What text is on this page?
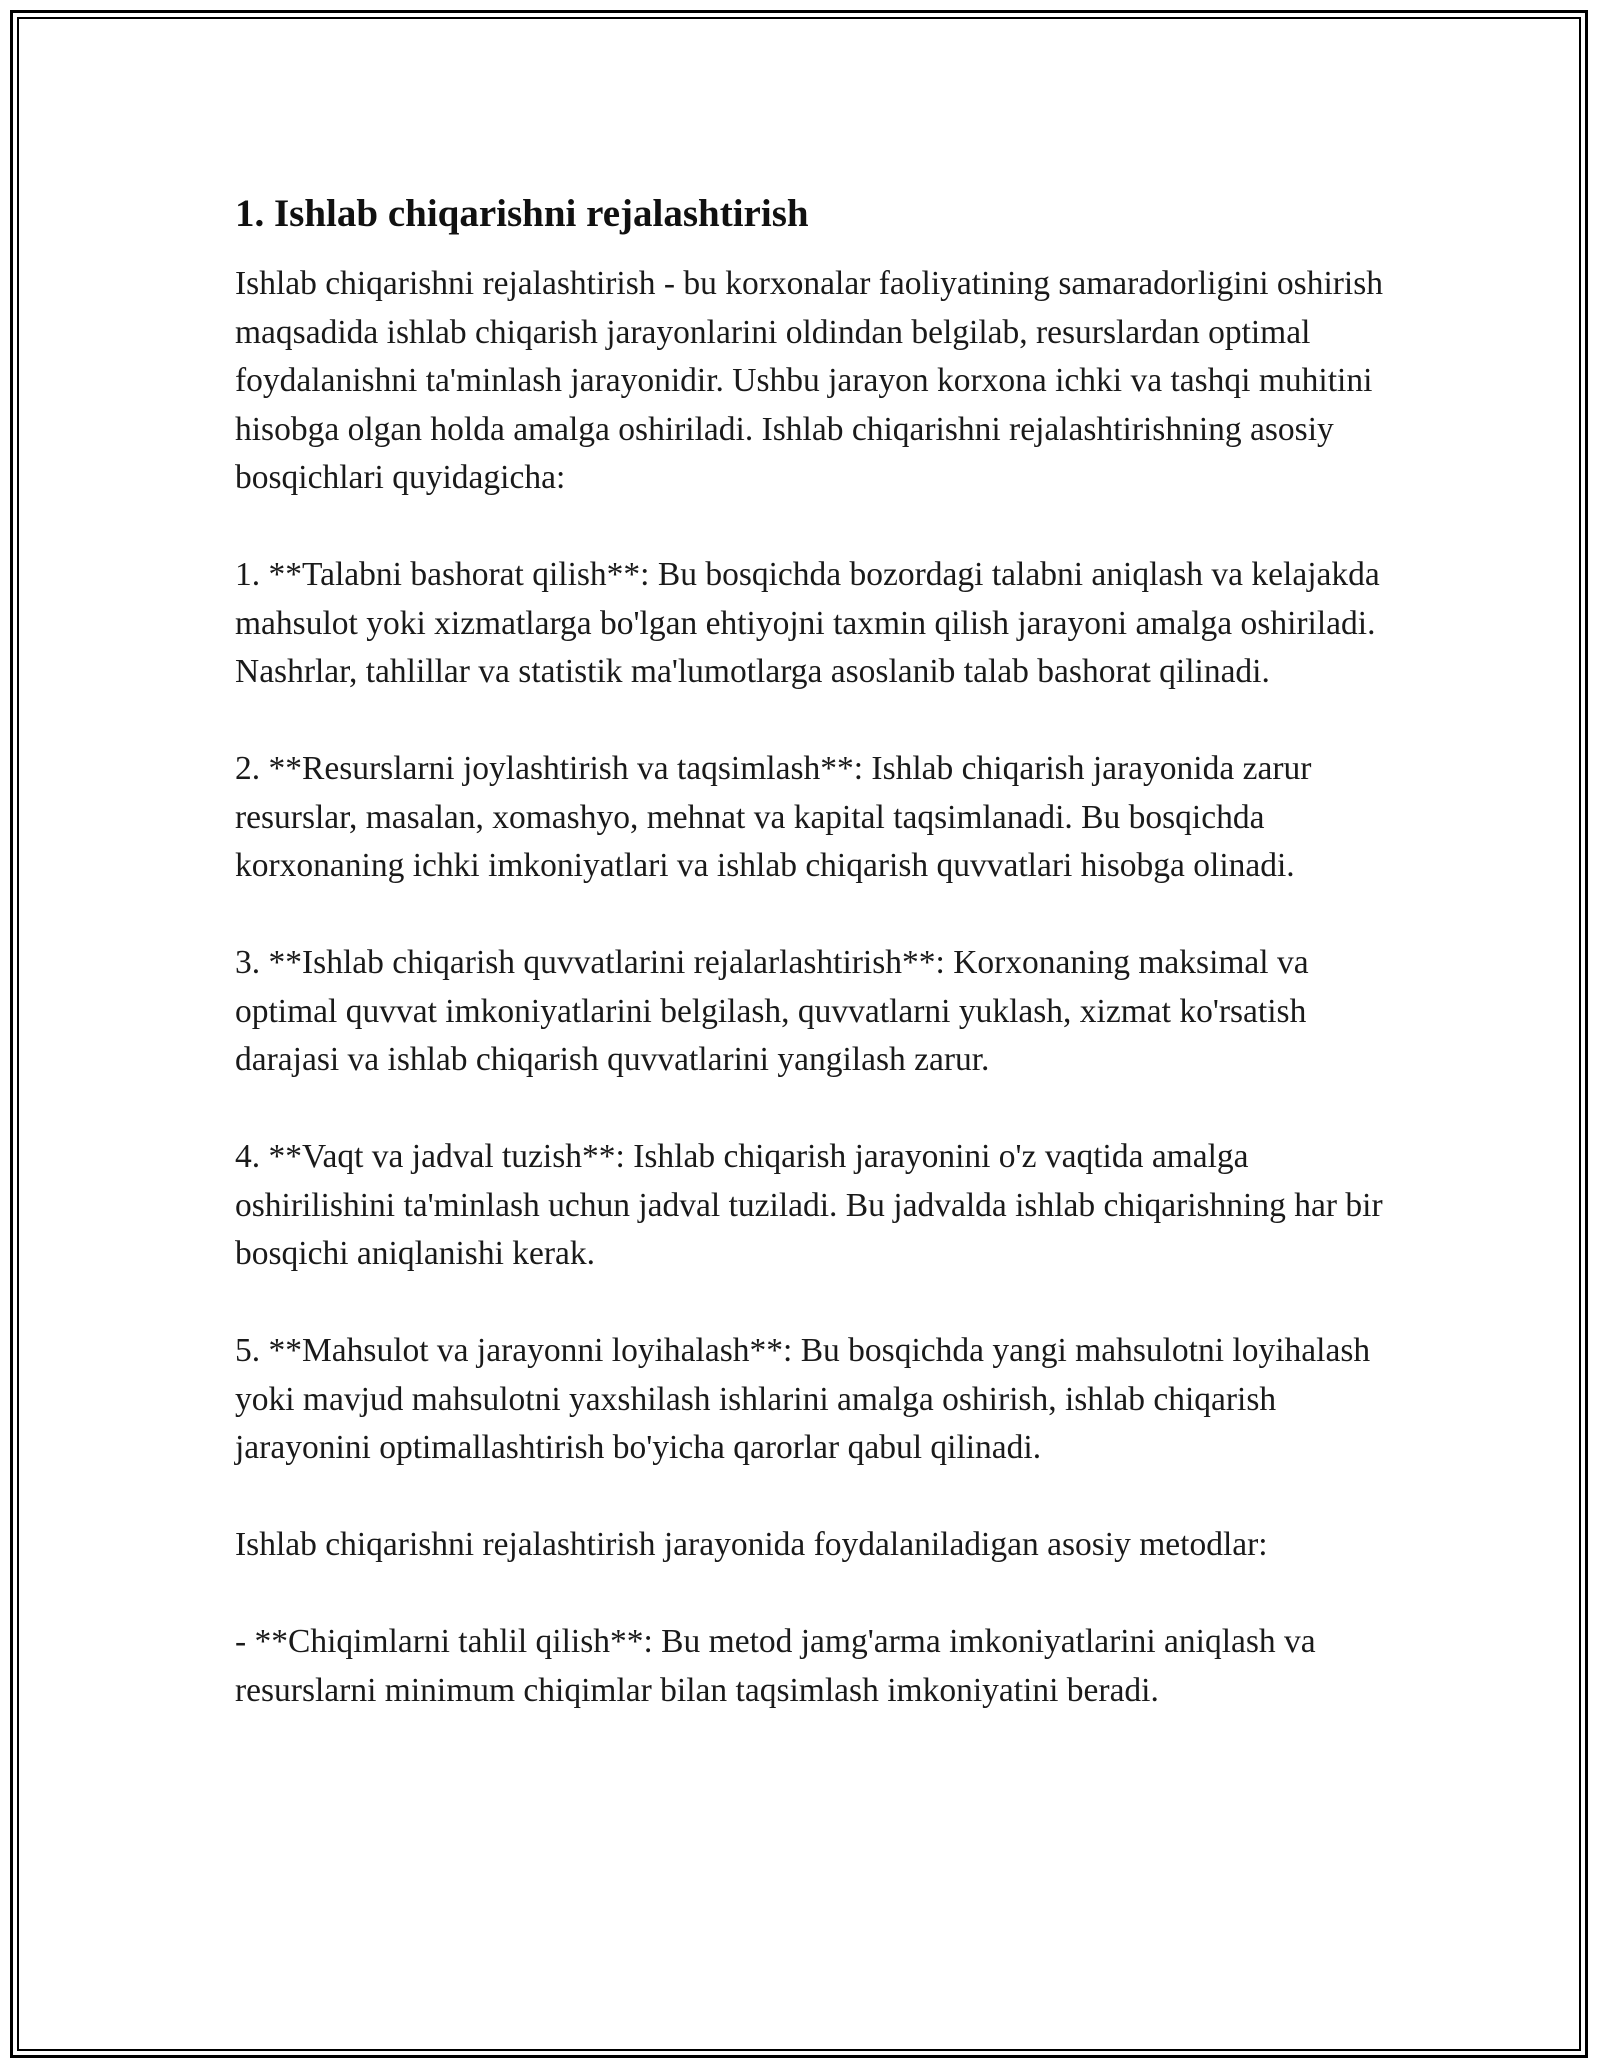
1. Ishlab chiqarishni rejalashtirish

Ishlab chiqarishni rejalashtirish - bu korxonalar faoliyatining samaradorligini oshirish maqsadida ishlab chiqarish jarayonlarini oldindan belgilab, resurslardan optimal foydalanishni ta'minlash jarayonidir. Ushbu jarayon korxona ichki va tashqi muhitini hisobga olgan holda amalga oshiriladi. Ishlab chiqarishni rejalashtirishning asosiy bosqichlari quyidagicha:

1. **Talabni bashorat qilish**: Bu bosqichda bozordagi talabni aniqlash va kelajakda mahsulot yoki xizmatlarga bo'lgan ehtiyojni taxmin qilish jarayoni amalga oshiriladi. Nashrlar, tahlillar va statistik ma'lumotlarga asoslanib talab bashorat qilinadi.

2. **Resurslarni joylashtirish va taqsimlash**: Ishlab chiqarish jarayonida zarur resurslar, masalan, xomashyo, mehnat va kapital taqsimlanadi. Bu bosqichda korxonaning ichki imkoniyatlari va ishlab chiqarish quvvatlari hisobga olinadi.

3. **Ishlab chiqarish quvvatlarini rejalarlashtirish**: Korxonaning maksimal va optimal quvvat imkoniyatlarini belgilash, quvvatlarni yuklash, xizmat ko'rsatish darajasi va ishlab chiqarish quvvatlarini yangilash zarur.

4. **Vaqt va jadval tuzish**: Ishlab chiqarish jarayonini o'z vaqtida amalga oshirilishini ta'minlash uchun jadval tuziladi. Bu jadvalda ishlab chiqarishning har bir bosqichi aniqlanishi kerak.

5. **Mahsulot va jarayonni loyihalash**: Bu bosqichda yangi mahsulotni loyihalash yoki mavjud mahsulotni yaxshilash ishlarini amalga oshirish, ishlab chiqarish jarayonini optimallashtirish bo'yicha qarorlar qabul qilinadi.

Ishlab chiqarishni rejalashtirish jarayonida foydalaniladigan asosiy metodlar:

- **Chiqimlarni tahlil qilish**: Bu metod jamg'arma imkoniyatlarini aniqlash va resurslarni minimum chiqimlar bilan taqsimlash imkoniyatini beradi.
